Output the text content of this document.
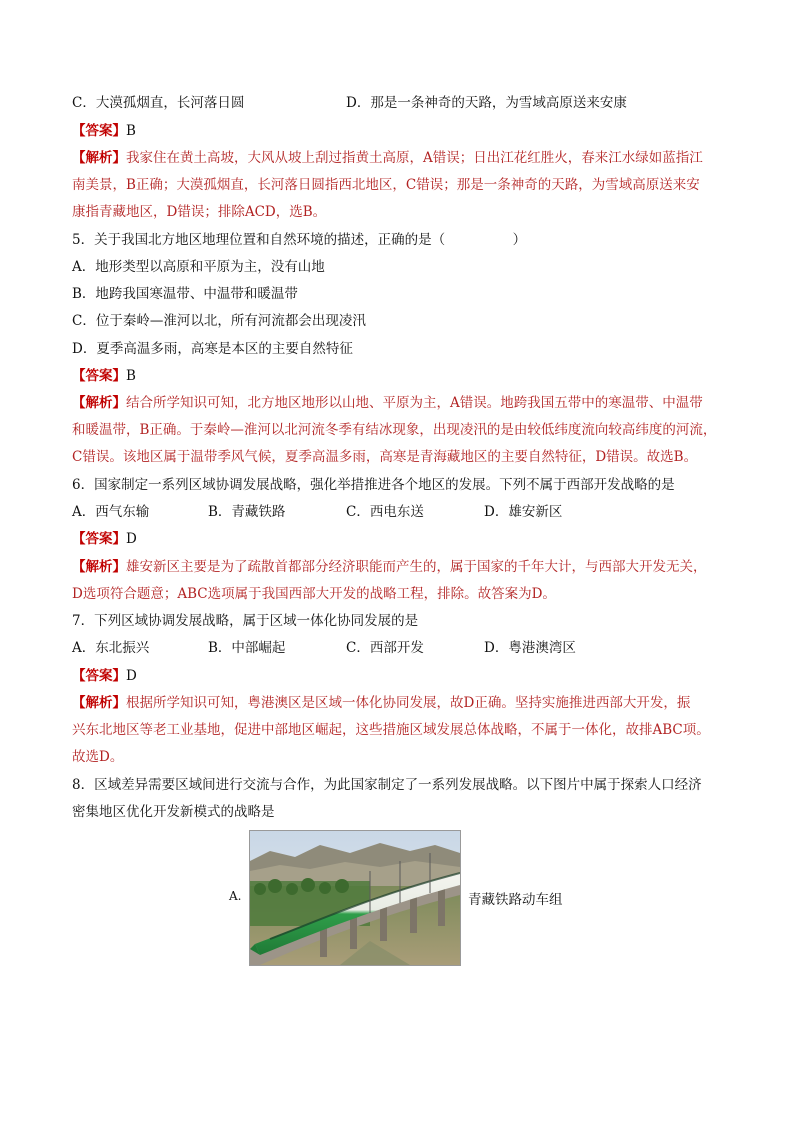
C．大漠孤烟直，长河落日圆	D．那是一条神奇的天路，为雪域高原送来安康
【答案】B
【解析】我家住在黄土高坡，大风从坡上刮过指黄土高原，A错误；日出江花红胜火，春来江水绿如蓝指江
南美景，B正确；大漠孤烟直，长河落日圆指西北地区，C错误；那是一条神奇的天路，为雪域高原送来安
康指青藏地区，D错误；排除ACD，选B。
5．关于我国北方地区地理位置和自然环境的描述，正确的是（　　　　　）
A．地形类型以高原和平原为主，没有山地
B．地跨我国寒温带、中温带和暖温带
C．位于秦岭—淮河以北，所有河流都会出现凌汛
D．夏季高温多雨，高寒是本区的主要自然特征
【答案】B
【解析】结合所学知识可知，北方地区地形以山地、平原为主，A错误。地跨我国五带中的寒温带、中温带
和暖温带，B正确。于秦岭—淮河以北河流冬季有结冰现象，出现凌汛的是由较低纬度流向较高纬度的河流，
C错误。该地区属于温带季风气候，夏季高温多雨，高寒是青海藏地区的主要自然特征，D错误。故选B。
6．国家制定一系列区域协调发展战略，强化举措推进各个地区的发展。下列不属于西部开发战略的是
A．西气东输	B．青藏铁路	C．西电东送	D．雄安新区
【答案】D
【解析】雄安新区主要是为了疏散首都部分经济职能而产生的，属于国家的千年大计，与西部大开发无关，
D选项符合题意；ABC选项属于我国西部大开发的战略工程，排除。故答案为D。
7．下列区域协调发展战略，属于区域一体化协同发展的是
A．东北振兴	B．中部崛起	C．西部开发	D．粤港澳湾区
【答案】D
【解析】根据所学知识可知，粤港澳区是区域一体化协同发展，故D正确。坚持实施推进西部大开发，振
兴东北地区等老工业基地，促进中部地区崛起，这些措施区域发展总体战略，不属于一体化，故排ABC项。
故选D。
8．区域差异需要区域间进行交流与合作，为此国家制定了一系列发展战略。以下图片中属于探索人口经济
密集地区优化开发新模式的战略是
A.	青藏铁路动车组
